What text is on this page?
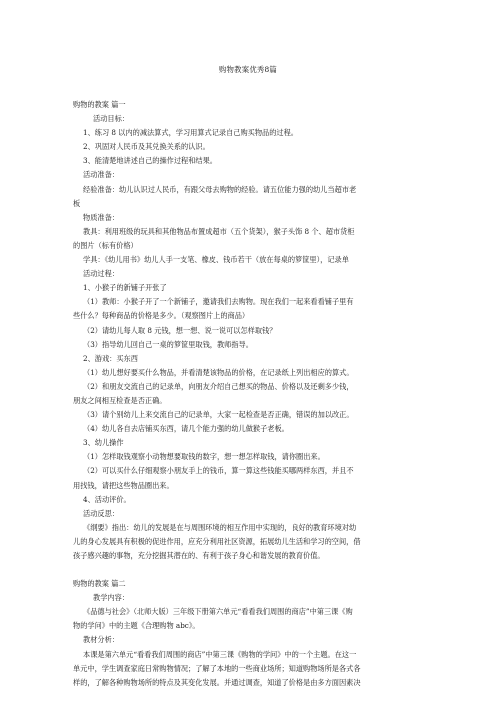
购物教案优秀8篇
购物的教案 篇一
活动目标：
1、练习 8 以内的减法算式，学习用算式记录自己购买物品的过程。
2、巩固对人民币及其兑换关系的认识。
3、能清楚地讲述自己的操作过程和结果。
活动准备：
经验准备：幼儿认识过人民币，有跟父母去购物的经验。请五位能力强的幼儿当超市老
板
物质准备：
教具：利用班级的玩具和其他物品布置成超市（五个货架），猴子头饰 8 个、超市货柜
的图片（标有价格）
学具：《幼儿用书》幼儿人手一支笔、橡皮、钱币若干（放在每桌的箩筐里），记录单
活动过程：
1、小猴子的新铺子开张了
（1）教师：小猴子开了一个新铺子，邀请我们去购物。现在我们一起来看看铺子里有
些什么？每种商品的价格是多少。（观察图片上的商品）
（2）请幼儿每人取 8 元钱，想一想、说一说可以怎样取钱？
（3）指导幼儿回自己一桌的箩筐里取钱，教师指导。
2、游戏：买东西
（1）幼儿想好要买什么物品，并看清楚该物品的价格，在记录纸上列出相应的算式。
（2）和朋友交流自己的记录单，向朋友介绍自己想买的物品、价格以及还剩多少钱，
朋友之间相互检查是否正确。
（3）请个别幼儿上来交流自己的记录单，大家一起检查是否正确，错误的加以改正。
（4）幼儿各自去店铺买东西，请几个能力强的幼儿做猴子老板。
3、幼儿操作
（1）怎样取钱观察小动物想要取钱的数字，想一想怎样取钱，请你圈出来。
（2）可以买什么仔细观察小朋友手上的钱币，算一算这些钱能买哪两样东西，并且不
用找钱，请把这些物品圈出来。
4、活动评价。
活动反思：
《纲要》指出：幼儿的发展是在与周围环境的相互作用中实现的，良好的教育环境对幼
儿的身心发展具有积极的促进作用，应充分利用社区资源，拓展幼儿生活和学习的空间，借
孩子感兴趣的事物，充分挖掘其潜在的、有利于孩子身心和谐发展的教育价值。
购物的教案 篇二
教学内容：
《品德与社会》（北师大版）三年级下册第六单元“看看我们周围的商店”中第三课《购
物的学问》中的主题《合理购物 abc》。
教材分析：
本课是第六单元“看看我们周围的商店”中第三课《购物的学问》中的一个主题。在这一
单元中，学生调查家庭日常购物情况；了解了本地的一些商业场所；知道购物场所是各式各
样的，了解各种购物场所的特点及其变化发展。并通过调查，知道了价格是由多方面因素决
